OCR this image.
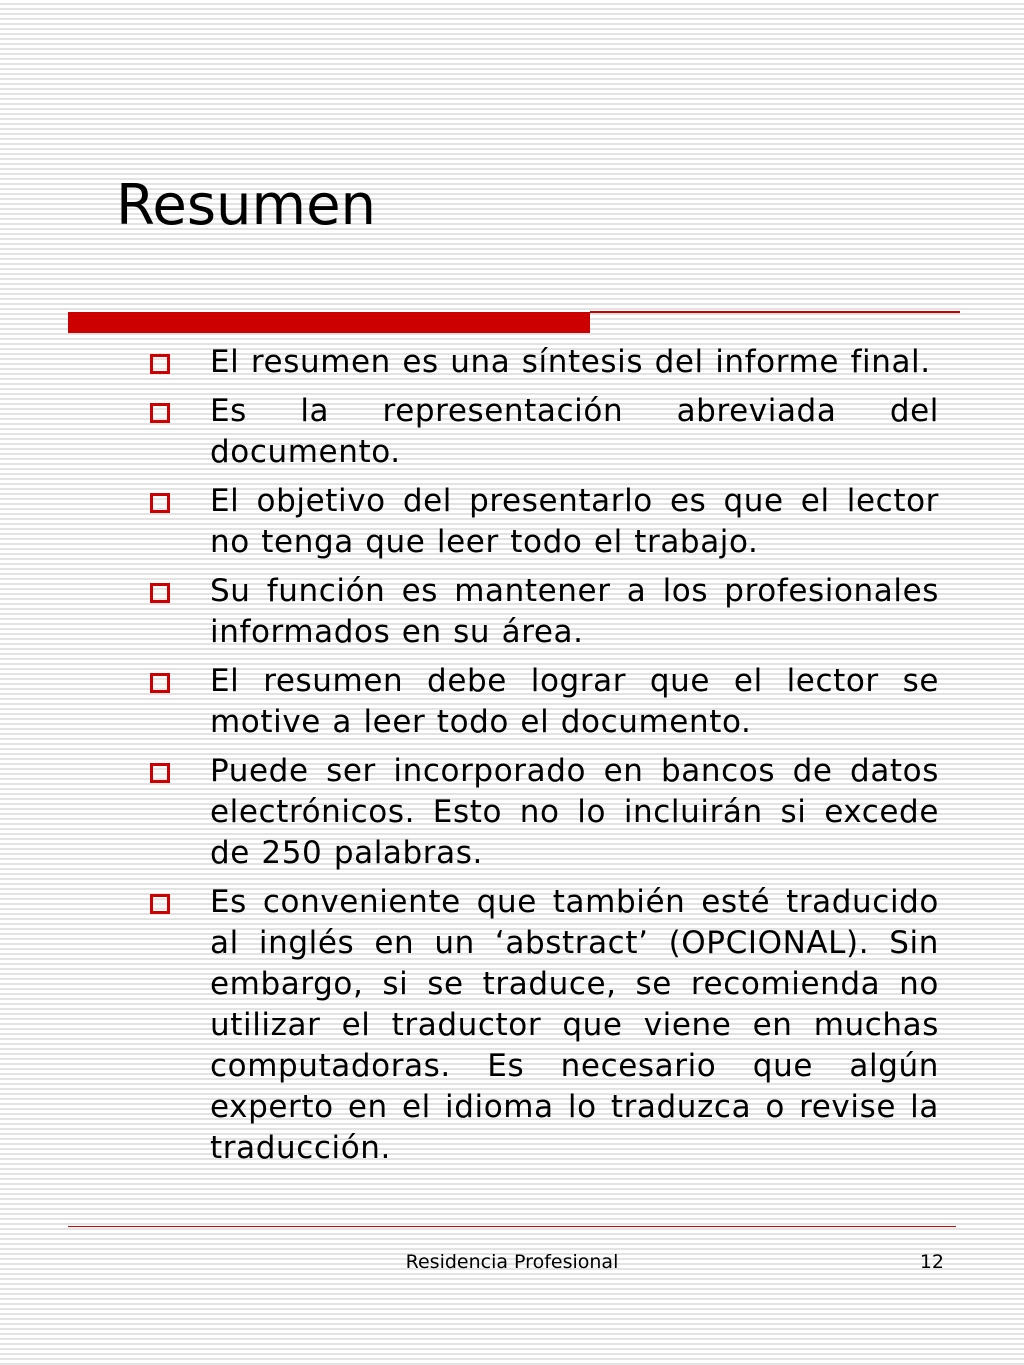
Resumen
El resumen es una síntesis del informe final.
Es la representación abreviada del documento.
El objetivo del presentarlo es que el lector no tenga que leer todo el trabajo.
Su función es mantener a los profesionales informados en su área.
El resumen debe lograr que el lector se motive a leer todo el documento.
Puede ser incorporado en bancos de datos electrónicos. Esto no lo incluirán si excede de 250 palabras.
Es conveniente que también esté traducido al inglés en un ‘abstract’ (OPCIONAL). Sin embargo, si se traduce, se recomienda no utilizar el traductor que viene en muchas computadoras. Es necesario que algún experto en el idioma lo traduzca o revise la traducción.
Residencia Profesional	12
